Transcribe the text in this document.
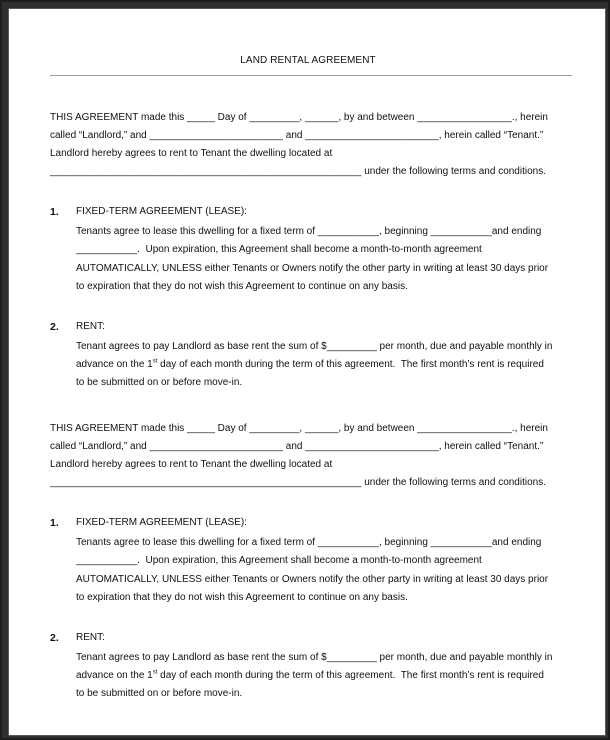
LAND RENTAL AGREEMENT
THIS AGREEMENT made this _____ Day of _________, ______, by and between _________________., herein
called “Landlord,” and ________________________ and ________________________, herein called “Tenant.”
Landlord hereby agrees to rent to Tenant the dwelling located at
________________________________________________________ under the following terms and conditions.
1. FIXED-TERM AGREEMENT (LEASE):
Tenants agree to lease this dwelling for a fixed term of ___________, beginning ___________and ending
___________.  Upon expiration, this Agreement shall become a month-to-month agreement
AUTOMATICALLY, UNLESS either Tenants or Owners notify the other party in writing at least 30 days prior
to expiration that they do not wish this Agreement to continue on any basis.
2. RENT:
Tenant agrees to pay Landlord as base rent the sum of $_________ per month, due and payable monthly in
advance on the 1st day of each month during the term of this agreement.  The first month’s rent is required
to be submitted on or before move-in.
THIS AGREEMENT made this _____ Day of _________, ______, by and between _________________., herein
called “Landlord,” and ________________________ and ________________________, herein called “Tenant.”
Landlord hereby agrees to rent to Tenant the dwelling located at
________________________________________________________ under the following terms and conditions.
1. FIXED-TERM AGREEMENT (LEASE):
Tenants agree to lease this dwelling for a fixed term of ___________, beginning ___________and ending
___________.  Upon expiration, this Agreement shall become a month-to-month agreement
AUTOMATICALLY, UNLESS either Tenants or Owners notify the other party in writing at least 30 days prior
to expiration that they do not wish this Agreement to continue on any basis.
2. RENT:
Tenant agrees to pay Landlord as base rent the sum of $_________ per month, due and payable monthly in
advance on the 1st day of each month during the term of this agreement.  The first month’s rent is required
to be submitted on or before move-in.
